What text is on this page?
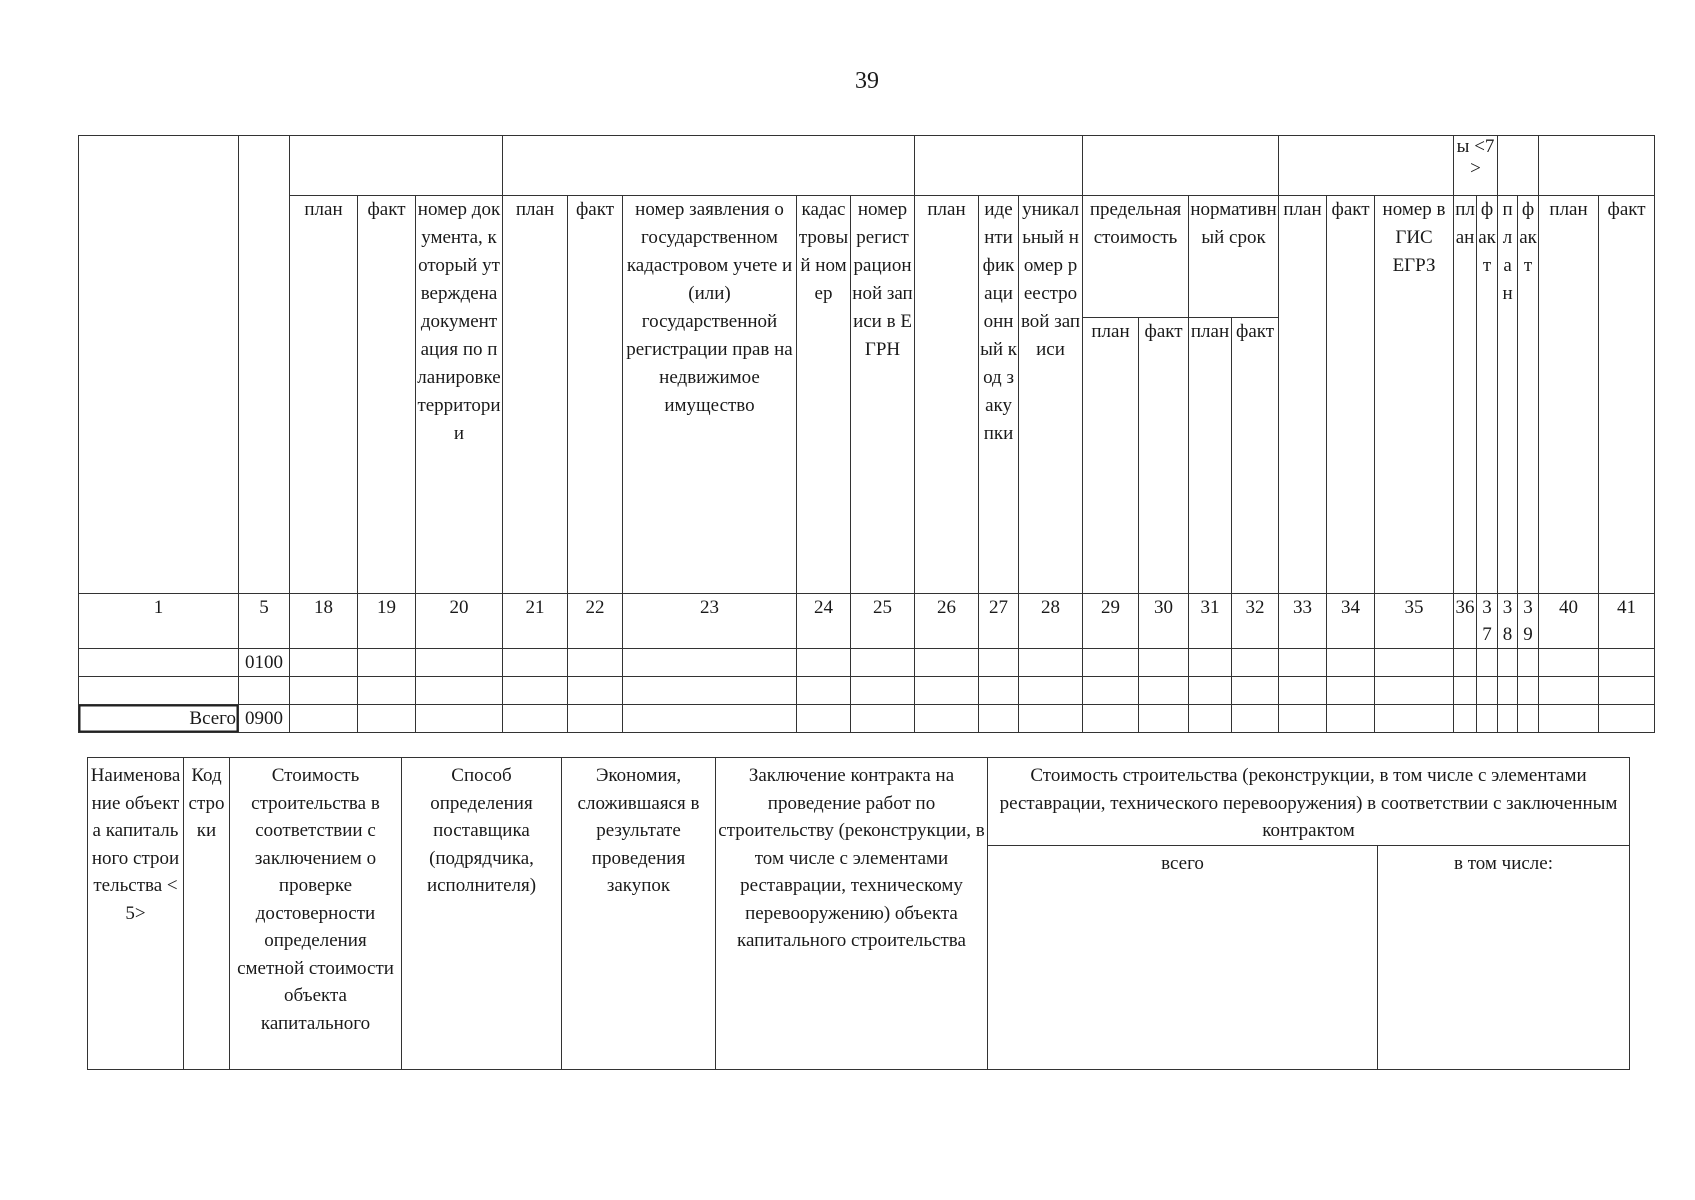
39
																				ы <7>					
		план	факт	номер документа, который утверждена документация по планировке территории	план	факт	номер заявления о государственном кадастровом учете и (или) государственной регистрации прав на недвижимое имущество	кадастровый номер	номер регистрационной записи в ЕГРН	план	идентификационный код закупки	уникальный номер реестровой записи	предельная стоимость		нормативный срок		план	факт	номер в ГИС ЕГРЗ	план	факт	план	факт	план	факт
													план	факт	план	факт									
1	5	18	19	20	21	22	23	24	25	26	27	28	29	30	31	32	33	34	35	36	37	38	39	40	41
	0100																								

Всего	0900																								
Наименование объекта капитального строительства <5>	Код строки	Стоимость строительства в соответствии с заключением о проверке достоверности определения сметной стоимости объекта капитального	Способ определения поставщика (подрядчика, исполнителя)	Экономия, сложившаяся в результате проведения закупок	Заключение контракта на проведение работ по строительству (реконструкции, в том числе с элементами реставрации, техническому перевооружению) объекта капитального строительства	Стоимость строительства (реконструкции, в том числе с элементами реставрации, технического перевооружения) в соответствии с заключенным контрактом	
						всего	в том числе:
